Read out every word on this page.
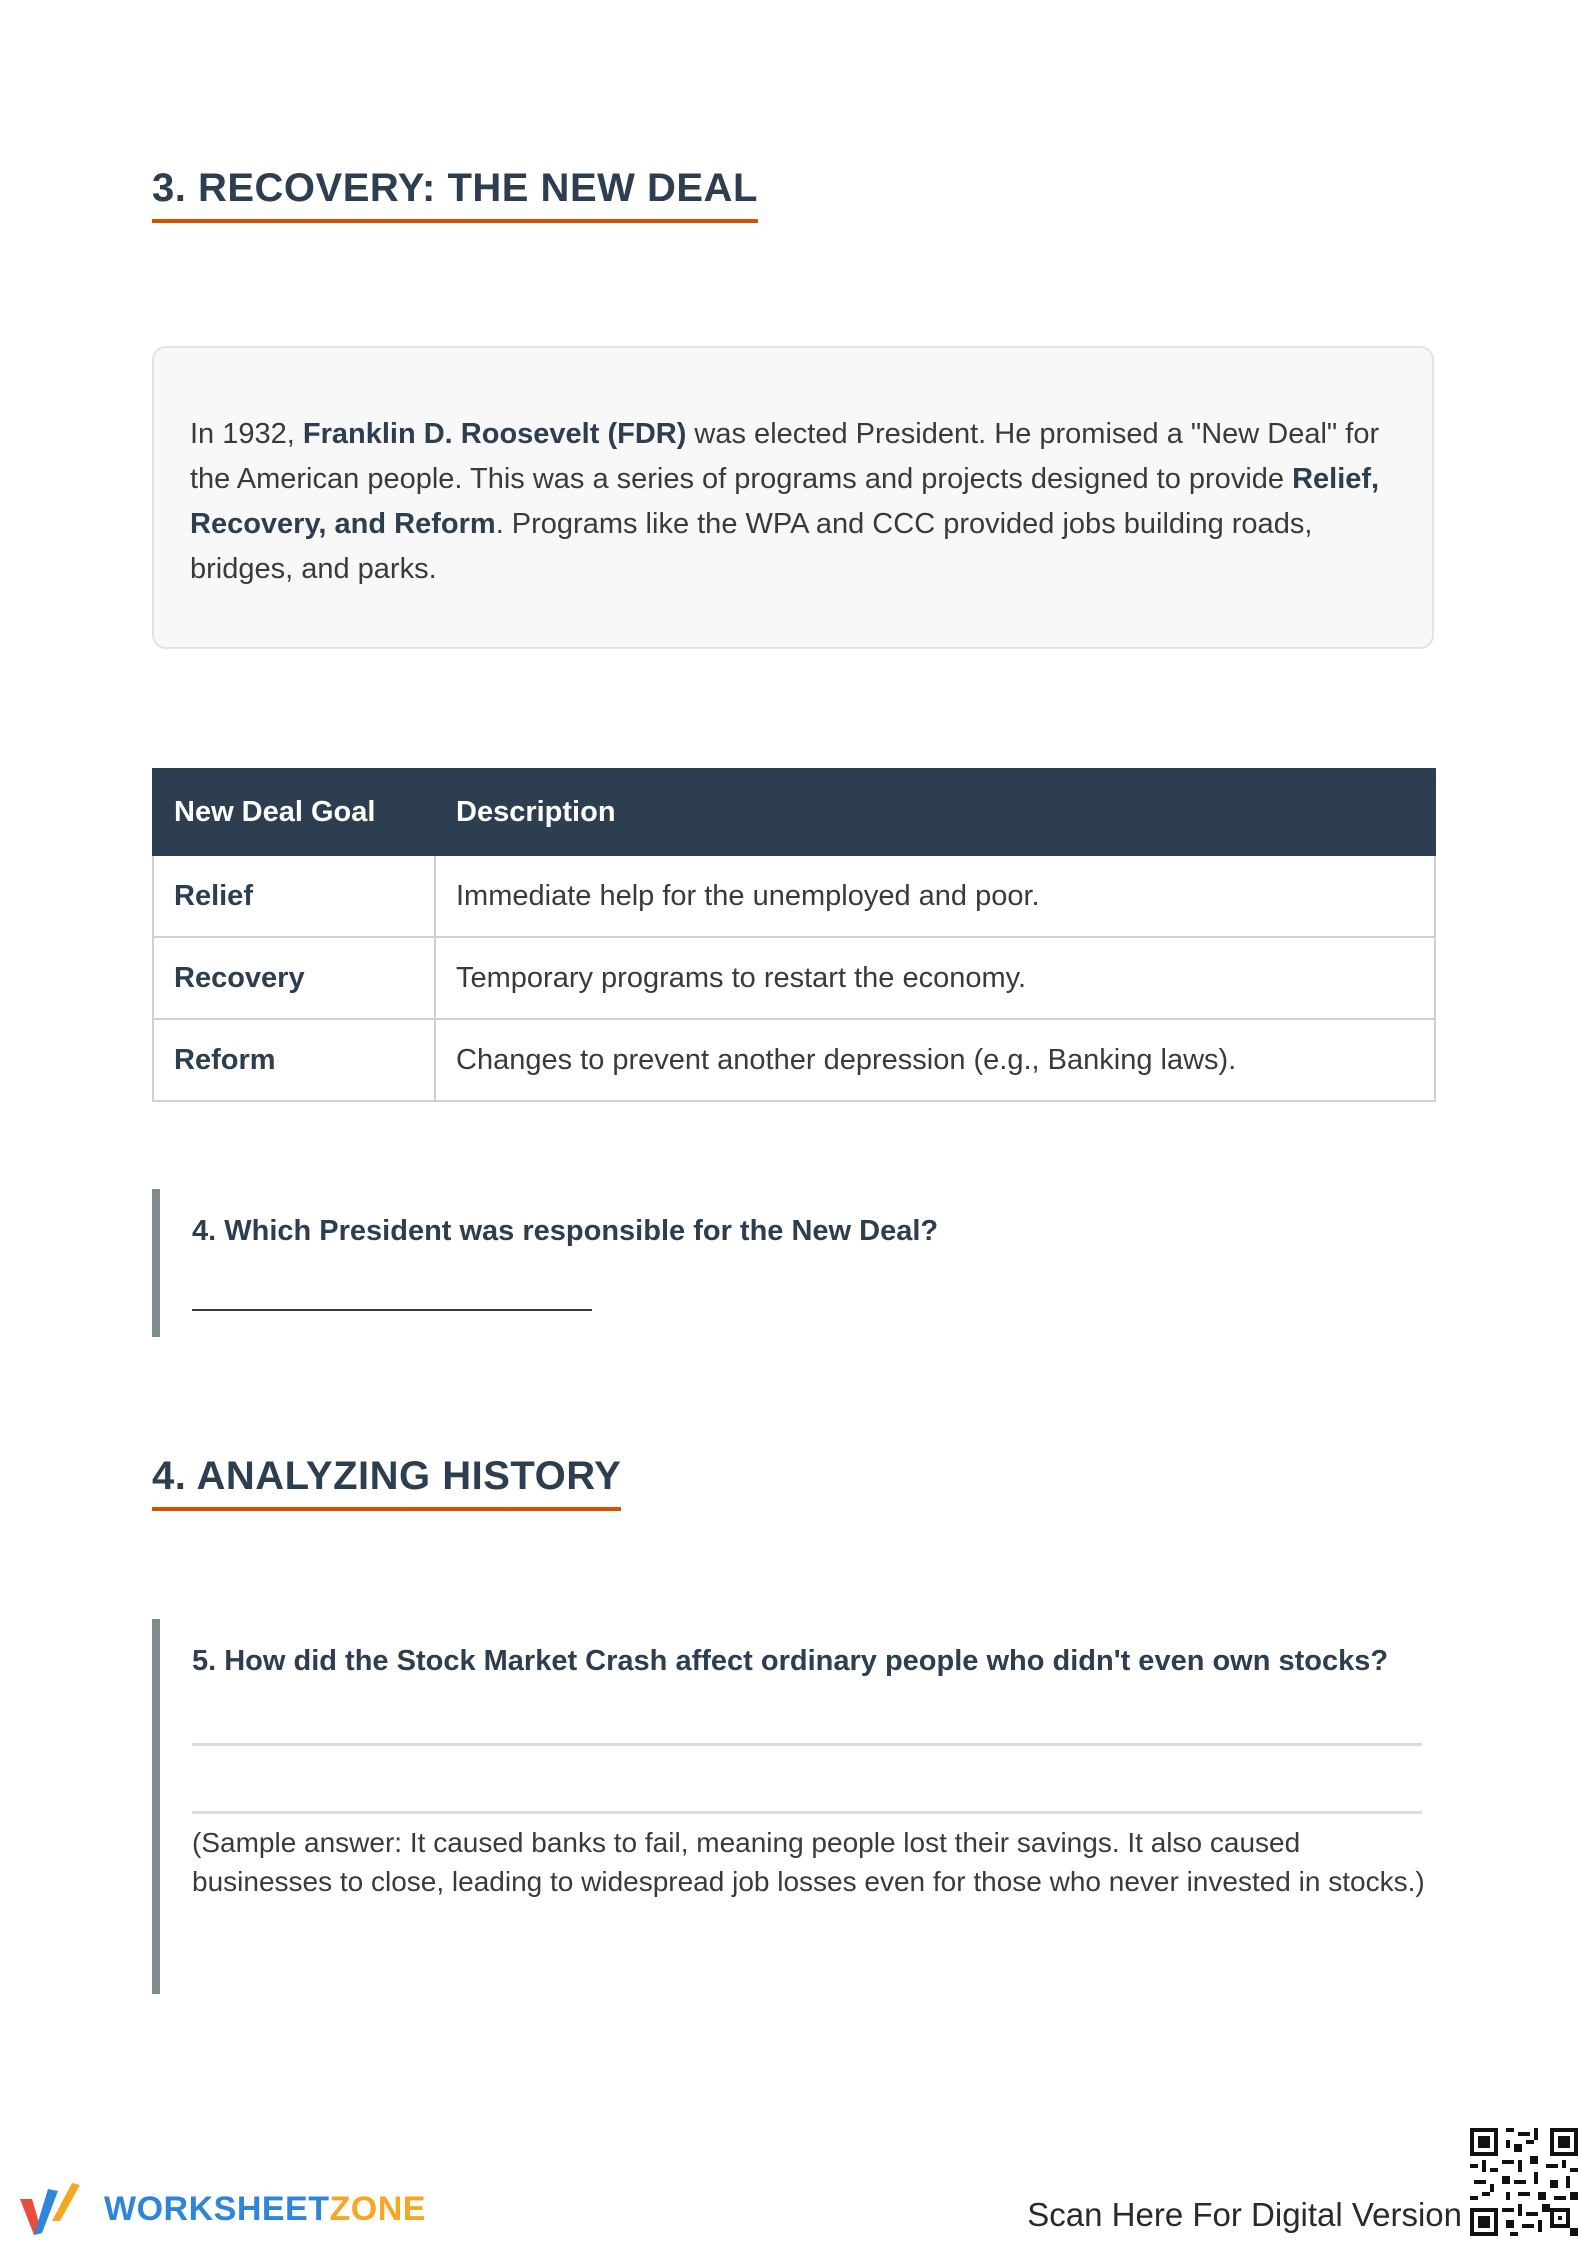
3. RECOVERY: THE NEW DEAL
In 1932, Franklin D. Roosevelt (FDR) was elected President. He promised a "New Deal" for the American people. This was a series of programs and projects designed to provide Relief, Recovery, and Reform. Programs like the WPA and CCC provided jobs building roads, bridges, and parks.
New Deal Goal	Description
Relief	Immediate help for the unemployed and poor.
Recovery	Temporary programs to restart the economy.
Reform	Changes to prevent another depression (e.g., Banking laws).
4. Which President was responsible for the New Deal?
4. ANALYZING HISTORY
5. How did the Stock Market Crash affect ordinary people who didn't even own stocks?
(Sample answer: It caused banks to fail, meaning people lost their savings. It also caused businesses to close, leading to widespread job losses even for those who never invested in stocks.)
WORKSHEETZONE	Scan Here For Digital Version
